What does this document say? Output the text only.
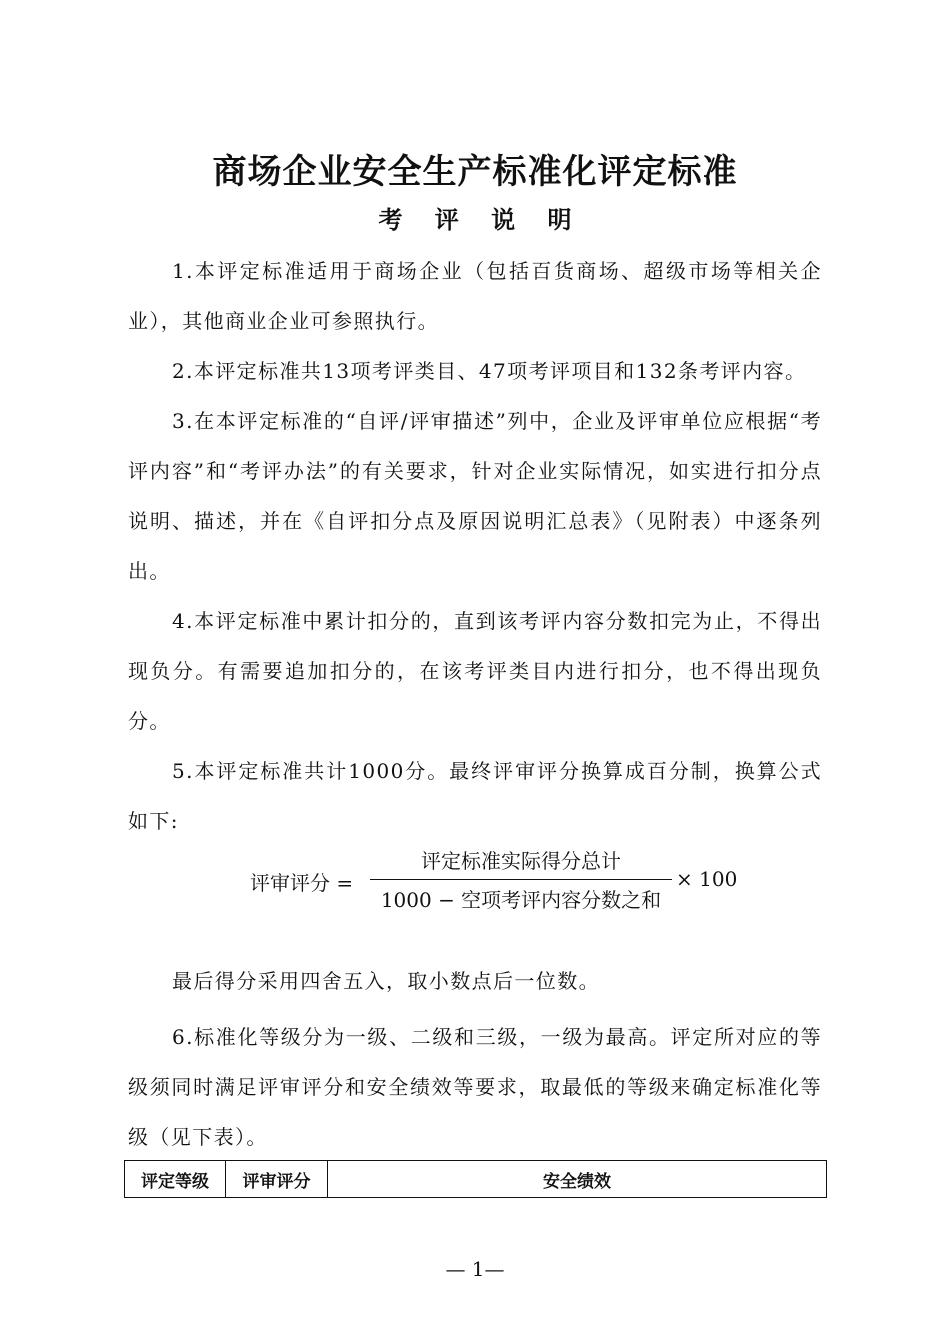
商场企业安全生产标准化评定标准
考 评 说 明

1.本评定标准适用于商场企业（包括百货商场、超级市场等相关企业），其他商业企业可参照执行。

2.本评定标准共13项考评类目、47项考评项目和132条考评内容。

3.在本评定标准的“自评/评审描述”列中，企业及评审单位应根据“考评内容”和“考评办法”的有关要求，针对企业实际情况，如实进行扣分点说明、描述，并在《自评扣分点及原因说明汇总表》（见附表）中逐条列出。

4.本评定标准中累计扣分的，直到该考评内容分数扣完为止，不得出现负分。有需要追加扣分的，在该考评类目内进行扣分，也不得出现负分。

5.本评定标准共计1000分。最终评审评分换算成百分制，换算公式如下:

评审评分 =
评定标准实际得分总计
1000 − 空项考评内容分数之和
× 100

最后得分采用四舍五入，取小数点后一位数。

6.标准化等级分为一级、二级和三级，一级为最高。评定所对应的等级须同时满足评审评分和安全绩效等要求，取最低的等级来确定标准化等级（见下表）。

评定等级	评审评分	安全绩效
— 1—
